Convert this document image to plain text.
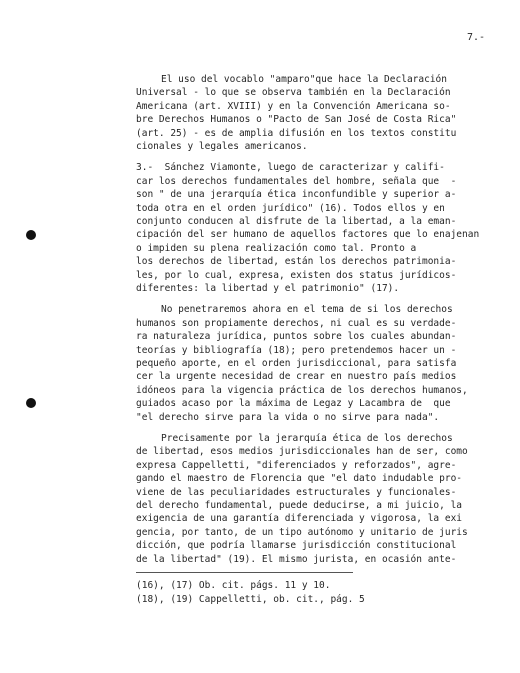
7.-
El uso del vocablo "amparo"que hace la Declaración
Universal - lo que se observa también en la Declaración
Americana (art. XVIII) y en la Convención Americana so-
bre Derechos Humanos o "Pacto de San José de Costa Rica"
(art. 25) - es de amplia difusión en los textos constitu
cionales y legales americanos.
3.-  Sánchez Viamonte, luego de caracterizar y califi-
car los derechos fundamentales del hombre, señala que  -
son " de una jerarquía ética inconfundible y superior a-
toda otra en el orden jurídico" (16). Todos ellos y en
conjunto conducen al disfrute de la libertad, a la eman-
cipación del ser humano de aquellos factores que lo enajenan
o impiden su plena realización como tal. Pronto a
los derechos de libertad, están los derechos patrimonia-
les, por lo cual, expresa, existen dos status jurídicos-
diferentes: la libertad y el patrimonio" (17).
No penetraremos ahora en el tema de si los derechos
humanos son propiamente derechos, ni cual es su verdade-
ra naturaleza jurídica, puntos sobre los cuales abundan-
teorías y bibliografía (18); pero pretendemos hacer un -
pequeño aporte, en el orden jurisdiccional, para satisfa
cer la urgente necesidad de crear en nuestro país medios
idóneos para la vigencia práctica de los derechos humanos,
guiados acaso por la máxima de Legaz y Lacambra de  que
"el derecho sirve para la vida o no sirve para nada".
Precisamente por la jerarquía ética de los derechos
de libertad, esos medios jurisdiccionales han de ser, como
expresa Cappelletti, "diferenciados y reforzados", agre-
gando el maestro de Florencia que "el dato indudable pro-
viene de las peculiaridades estructurales y funcionales-
del derecho fundamental, puede deducirse, a mi juicio, la
exigencia de una garantía diferenciada y vigorosa, la exi
gencia, por tanto, de un tipo autónomo y unitario de juris
dicción, que podría llamarse jurisdicción constitucional
de la libertad" (19). El mismo jurista, en ocasión ante-
(16), (17) Ob. cit. págs. 11 y 10.
(18), (19) Cappelletti, ob. cit., pág. 5
